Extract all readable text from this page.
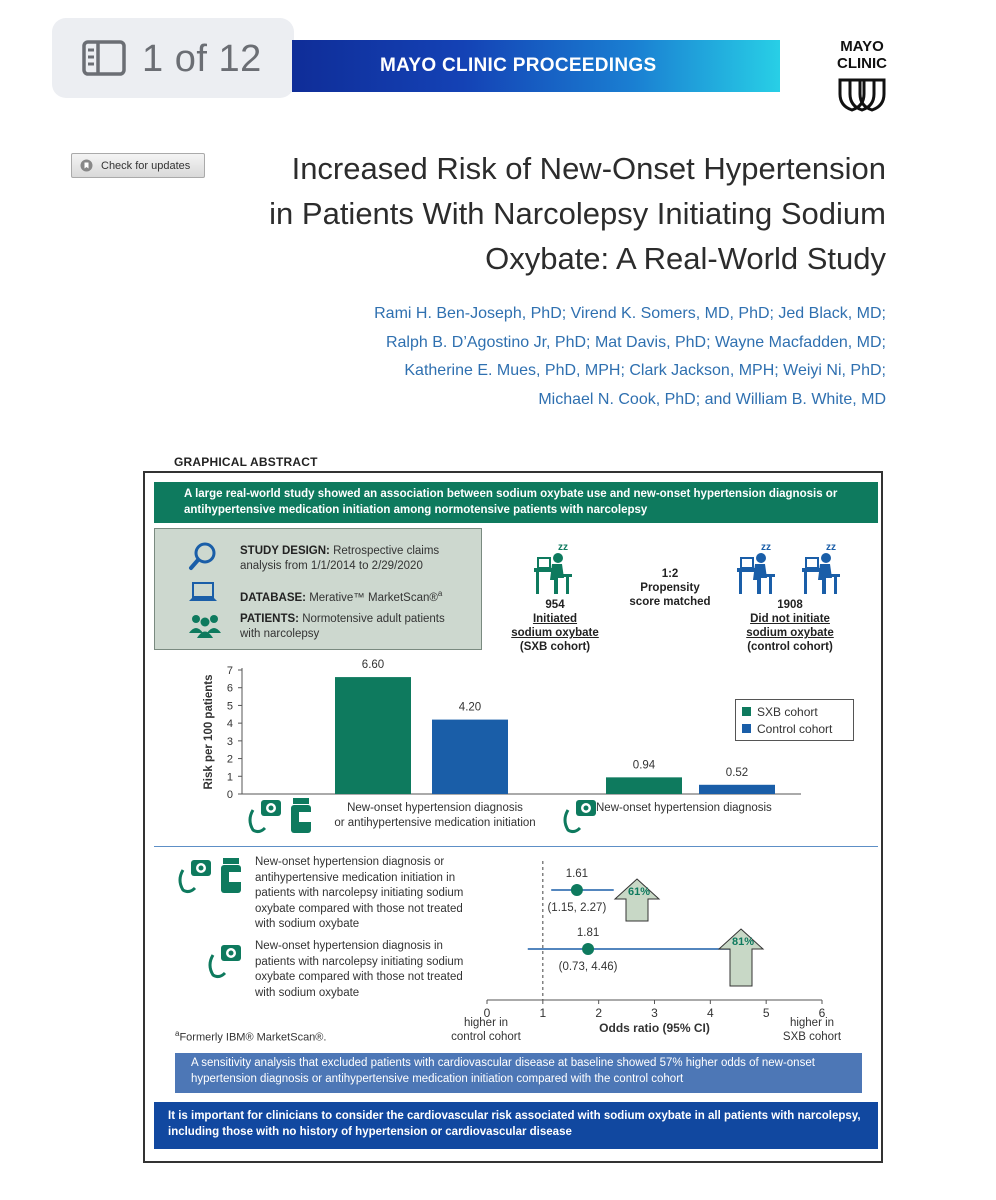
1 of 12	MAYO CLINIC PROCEEDINGS
MAYO
CLINIC
Check for updates	Increased Risk of New-Onset Hypertension
in Patients With Narcolepsy Initiating Sodium
Oxybate: A Real-World Study
Rami H. Ben-Joseph, PhD; Virend K. Somers, MD, PhD; Jed Black, MD;
Ralph B. D’Agostino Jr, PhD; Mat Davis, PhD; Wayne Macfadden, MD;
Katherine E. Mues, PhD, MPH; Clark Jackson, MPH; Weiyi Ni, PhD;
Michael N. Cook, PhD; and William B. White, MD
GRAPHICAL ABSTRACT
A large real-world study showed an association between sodium oxybate use and new-onset hypertension diagnosis or antihypertensive medication initiation among normotensive patients with narcolepsy
STUDY DESIGN: Retrospective claims
analysis from 1/1/2014 to 2/29/2020
DATABASE: Merative™ MarketScan®$^a$
PATIENTS: Normotensive adult patients
with narcolepsy
zz
954
Initiated
sodium oxybate
(SXB cohort)
1:2
Propensity
score matched
zz	zz
1908
Did not initiate
sodium oxybate
(control cohort)
0
1
2
3
4
5
6
7
Risk per 100 patients
6.60
0.94
4.20
0.52
0	1	2	3	4	5	6
Odds ratio (95% CI)
1.61
(1.15, 2.27)
61%
1.81
(0.73, 4.46)
81%
SXB cohort
Control cohort
New-onset hypertension diagnosis
or antihypertensive medication initiation
New-onset hypertension diagnosis
New-onset hypertension diagnosis or antihypertensive medication initiation in patients with narcolepsy initiating sodium oxybate compared with those not treated with sodium oxybate
New-onset hypertension diagnosis in patients with narcolepsy initiating sodium oxybate compared with those not treated with sodium oxybate
$^a$Formerly IBM® MarketScan®.
higher in
control cohort
higher in
SXB cohort
A sensitivity analysis that excluded patients with cardiovascular disease at baseline showed 57% higher odds of new-onset hypertension diagnosis or antihypertensive medication initiation compared with the control cohort
It is important for clinicians to consider the cardiovascular risk associated with sodium oxybate in all patients with narcolepsy, including those with no history of hypertension or cardiovascular disease
